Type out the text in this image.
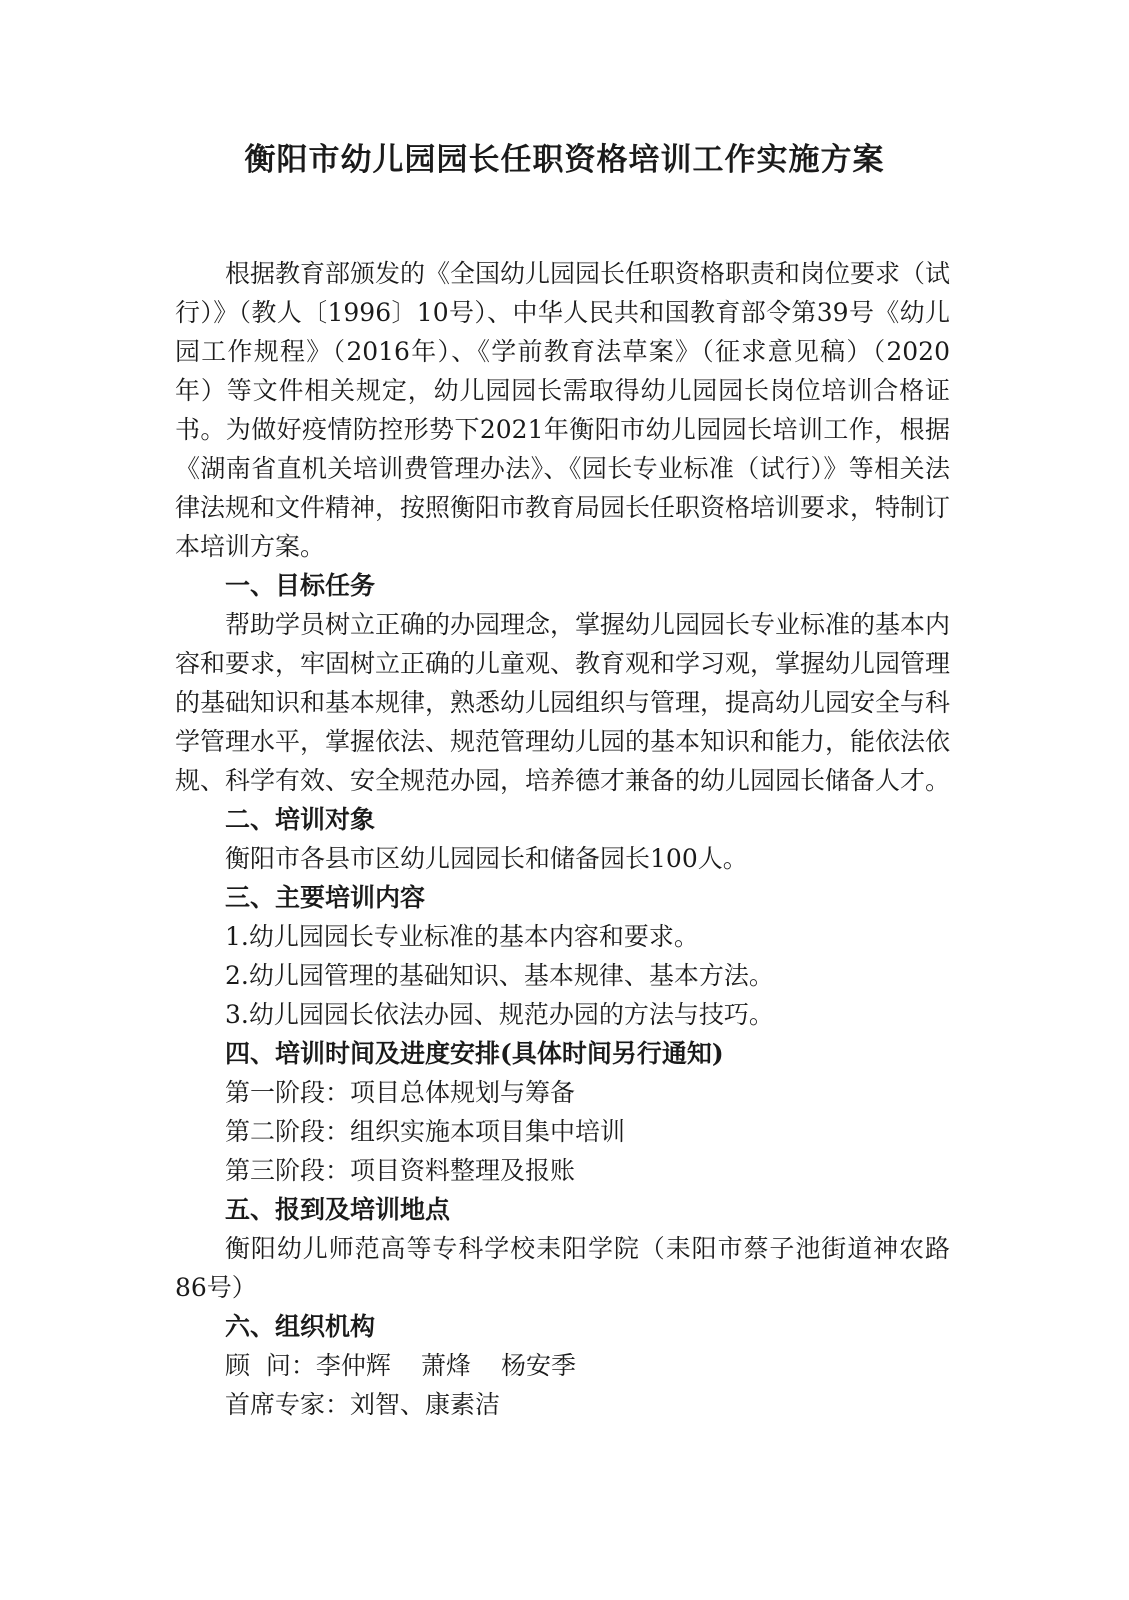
衡阳市幼儿园园长任职资格培训工作实施方案

根据教育部颁发的《全国幼儿园园长任职资格职责和岗位要求（试行）》（教人〔1996〕10号）、中华人民共和国教育部令第39号《幼儿园工作规程》（2016年）、《学前教育法草案》（征求意见稿）（2020年）等文件相关规定，幼儿园园长需取得幼儿园园长岗位培训合格证书。为做好疫情防控形势下2021年衡阳市幼儿园园长培训工作，根据《湖南省直机关培训费管理办法》、《园长专业标准（试行）》等相关法律法规和文件精神，按照衡阳市教育局园长任职资格培训要求，特制订本培训方案。

一、目标任务

帮助学员树立正确的办园理念，掌握幼儿园园长专业标准的基本内容和要求，牢固树立正确的儿童观、教育观和学习观，掌握幼儿园管理的基础知识和基本规律，熟悉幼儿园组织与管理，提高幼儿园安全与科学管理水平，掌握依法、规范管理幼儿园的基本知识和能力，能依法依规、科学有效、安全规范办园，培养德才兼备的幼儿园园长储备人才。

二、培训对象

衡阳市各县市区幼儿园园长和储备园长100人。

三、主要培训内容

1.幼儿园园长专业标准的基本内容和要求。

2.幼儿园管理的基础知识、基本规律、基本方法。

3.幼儿园园长依法办园、规范办园的方法与技巧。

四、培训时间及进度安排(具体时间另行通知)

第一阶段：项目总体规划与筹备

第二阶段：组织实施本项目集中培训

第三阶段：项目资料整理及报账

五、报到及培训地点

衡阳幼儿师范高等专科学校耒阳学院（耒阳市蔡子池街道神农路86号）

六、组织机构

顾  问：李仲辉 萧烽 杨安季

首席专家：刘智、康素洁
